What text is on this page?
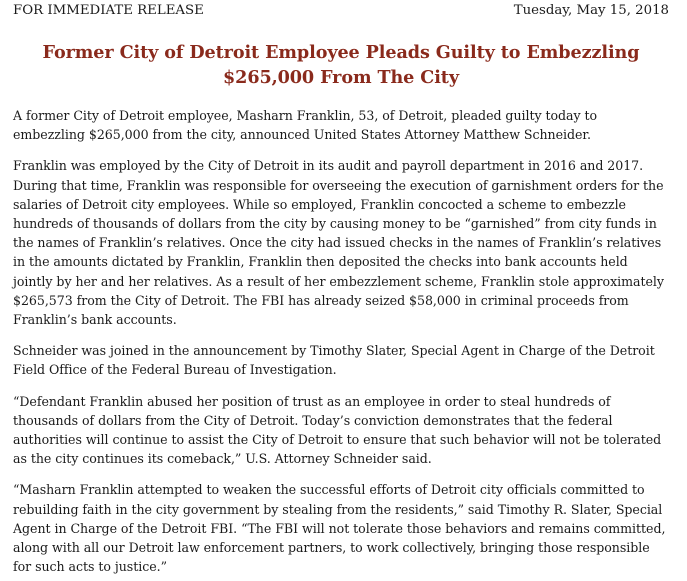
FOR IMMEDIATE RELEASE	Tuesday, May 15, 2018
Former City of Detroit Employee Pleads Guilty to Embezzling
$265,000 From The City

A former City of Detroit employee, Masharn Franklin, 53, of Detroit, pleaded guilty today to embezzling $265,000 from the city, announced United States Attorney Matthew Schneider.

Franklin was employed by the City of Detroit in its audit and payroll department in 2016 and 2017. During that time, Franklin was responsible for overseeing the execution of garnishment orders for the salaries of Detroit city employees. While so employed, Franklin concocted a scheme to embezzle hundreds of thousands of dollars from the city by causing money to be “garnished” from city funds in the names of Franklin’s relatives. Once the city had issued checks in the names of Franklin’s relatives in the amounts dictated by Franklin, Franklin then deposited the checks into bank accounts held jointly by her and her relatives. As a result of her embezzlement scheme, Franklin stole approximately $265,573 from the City of Detroit. The FBI has already seized $58,000 in criminal proceeds from Franklin’s bank accounts.

Schneider was joined in the announcement by Timothy Slater, Special Agent in Charge of the Detroit Field Office of the Federal Bureau of Investigation.

“Defendant Franklin abused her position of trust as an employee in order to steal hundreds of thousands of dollars from the City of Detroit. Today’s conviction demonstrates that the federal authorities will continue to assist the City of Detroit to ensure that such behavior will not be tolerated as the city continues its comeback,” U.S. Attorney Schneider said.

“Masharn Franklin attempted to weaken the successful efforts of Detroit city officials committed to rebuilding faith in the city government by stealing from the residents,” said Timothy R. Slater, Special Agent in Charge of the Detroit FBI. “The FBI will not tolerate those behaviors and remains committed, along with all our Detroit law enforcement partners, to work collectively, bringing those responsible for such acts to justice.”
